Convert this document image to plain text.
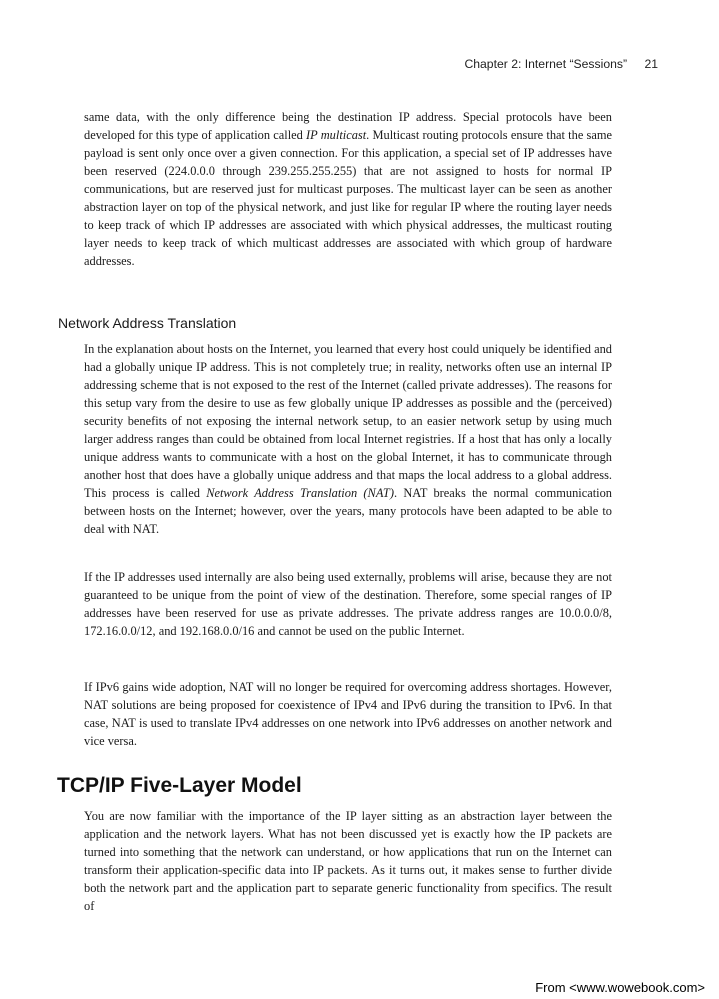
Chapter 2: Internet “Sessions” 21

same data, with the only difference being the destination IP address. Special protocols have been developed for this type of application called IP multicast. Multicast routing protocols ensure that the same payload is sent only once over a given connection. For this application, a special set of IP addresses have been reserved (224.0.0.0 through 239.255.255.255) that are not assigned to hosts for normal IP communications, but are reserved just for multicast purposes. The multicast layer can be seen as another abstraction layer on top of the physical network, and just like for regular IP where the routing layer needs to keep track of which IP addresses are associated with which physical addresses, the multicast routing layer needs to keep track of which multicast addresses are associated with which group of hardware addresses.

Network Address Translation

In the explanation about hosts on the Internet, you learned that every host could uniquely be identified and had a globally unique IP address. This is not completely true; in reality, networks often use an internal IP addressing scheme that is not exposed to the rest of the Internet (called private addresses). The reasons for this setup vary from the desire to use as few globally unique IP addresses as possible and the (perceived) security benefits of not exposing the internal network setup, to an easier network setup by using much larger address ranges than could be obtained from local Internet registries. If a host that has only a locally unique address wants to communicate with a host on the global Internet, it has to communicate through another host that does have a globally unique address and that maps the local address to a global address. This process is called Network Address Translation (NAT). NAT breaks the normal communication between hosts on the Internet; however, over the years, many protocols have been adapted to be able to deal with NAT.

If the IP addresses used internally are also being used externally, problems will arise, because they are not guaranteed to be unique from the point of view of the destination. Therefore, some special ranges of IP addresses have been reserved for use as private addresses. The private address ranges are 10.0.0.0/8, 172.16.0.0/12, and 192.168.0.0/16 and cannot be used on the public Internet.

If IPv6 gains wide adoption, NAT will no longer be required for overcoming address shortages. However, NAT solutions are being proposed for coexistence of IPv4 and IPv6 during the transition to IPv6. In that case, NAT is used to translate IPv4 addresses on one network into IPv6 addresses on another network and vice versa.

TCP/IP Five-Layer Model

You are now familiar with the importance of the IP layer sitting as an abstraction layer between the application and the network layers. What has not been discussed yet is exactly how the IP packets are turned into something that the network can understand, or how applications that run on the Internet can transform their application-specific data into IP packets. As it turns out, it makes sense to further divide both the network part and the application part to separate generic functionality from specifics. The result of

From <www.wowebook.com>
